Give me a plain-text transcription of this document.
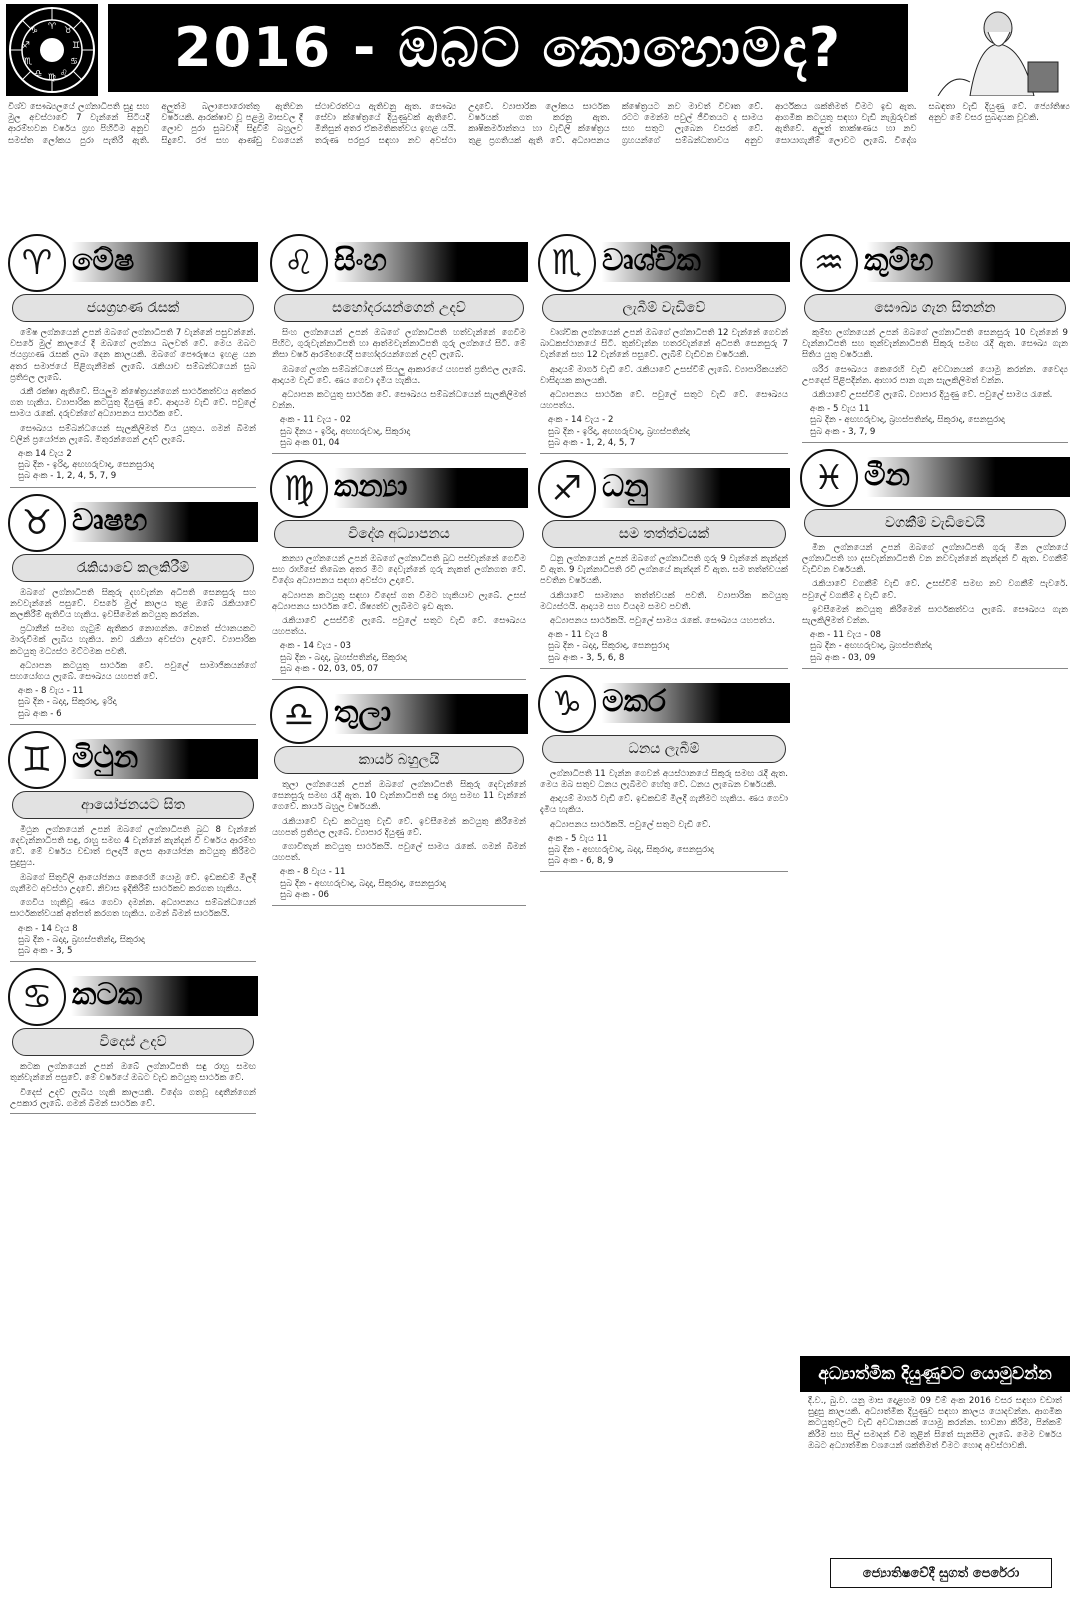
♈ ♉
♊
♋
♌
♍
♎
♏
♐
♑	2016 - ඔබට කොහොමද?
විශ්ව සෞඛ්‍යලයේ ලග්නාධිපති සුදු සහ මුල අවස්ථාවේ 7 වැන්නේ සිටියදී ආරම්භවන වර්ෂය ග්‍රහ පිහිටීම අනුව සමස්ත ලෝකය පුරා පැතිරී ඇති. අලුත්ම බලාපොරොත්තු ඇතිවන වර්ෂයකි. ආරක්ෂාව වූ පළමු මාසවල දී ලොව පුරා සුබවාදී සිදුවීම් බහුලව සිදුවේ. රජ සහ ආණ්ඩු වශයෙන් ස්ථාවරත්වය ඇතිවනු ඇත. සෞඛ්‍ය සේවා ක්ෂේත්‍රයේ දියුණුවක් ඇතිවේ. මිනිසුන් අතර ඒකමතිකත්වය ඉහළ යයි. තරුණ පරපුර සඳහා නව අවස්ථා උදාවේ. ව්‍යාපාරික ලෝකය සාර්ථක වර්ෂයක් ගත කරනු ඇත. කෘෂිකර්මාන්තය හා වැවිලි ක්ෂේත්‍රය තුළ ප්‍රගතියක් ඇති වේ. අධ්‍යාපනය ක්ෂේත්‍රයට නව මාවත් විවෘත වේ. රටට මෙන්ම පවුල් ජීවිතයට ද සාමය සහ සතුට ලැබෙන වසරක් වේ. ග්‍රහයන්ගේ සම්බන්ධතාවය අනුව ආර්ථිකය ශක්තිමත් වීමට ඉඩ ඇත. ආගමික කටයුතු සඳහා වැඩි නැඹුරුවක් ඇතිවේ. අලුත් තාක්ෂණය හා නව සොයාගැනීම් ලොවට ලැබේ. විදේශ සබඳතා වැඩි දියුණු වේ. ජ්‍යෝතිෂ්‍ය අනුව මේ වසර සුබදායක වූවකි.
♈ මේෂ
ජයග්‍රහණ රැසක්

මේෂ ලග්නයෙන් උපන් ඔබගේ ලග්නාධිපති 7 වැන්නේ පසුවන්නේ. වසරේ මුල් කාලයේ දී ඔබගේ ලග්නය බලවත් වේ. මෙය ඔබට ජයග්‍රහණ රැසක් ලබා දෙන කාලයකි. ඔබගේ පෞරුෂය ඉහළ යන අතර සමාජයේ පිළිගැනීමක් ලැබේ. රැකියාව සම්බන්ධයෙන් සුබ ප්‍රතිඵල ලැබේ.

රැකී රක්ෂා ඇතිවේ. සියලුම ක්ෂේත්‍රයන්ගෙන් සාර්ථකත්වය අත්කර ගත හැකිය. ව්‍යාපාරික කටයුතු දියුණු වේ. ආදායම වැඩි වේ. පවුලේ සාමය රැකේ. දරුවන්ගේ අධ්‍යාපනය සාර්ථක වේ.

සෞඛ්‍යය සම්බන්ධයෙන් සැලකිලිමත් විය යුතුය. ගමන් බිමන් වලින් ප්‍රයෝජන ලැබේ. මිතුරන්ගෙන් උදව් ලැබේ.

අංක 14 වැය 2
සුබ දින - ඉරිදා, අඟහරුවාදා, සෙනසුරාදා
සුබ අංක - 1, 2, 4, 5, 7, 9
♉ වෘෂභ
රැකියාවේ කලකිරීම්

ඔබගේ ලග්නාධිපති සිකුරු දහවැන්න අධිපති සෙනසුරු සහ නවවැන්නේ පසුවේ. වසරේ මුල් කාලය තුළ ඔබේ රැකියාවේ කලකිරීම් ඇතිවිය හැකිය. ඉවසීමෙන් කටයුතු කරන්න.

ප්‍රධානීන් සමඟ ගැටුම් ඇතිකර නොගන්න. වෙනත් ස්ථානයකට මාරුවීමක් ලැබිය හැකිය. නව රැකියා අවස්ථා උදාවේ. ව්‍යාපාරික කටයුතු මධ්‍යස්ථ මට්ටමක පවතී.

අධ්‍යාපන කටයුතු සාර්ථක වේ. පවුලේ සාමාජිකයන්ගේ සහයෝගය ලැබේ. සෞඛ්‍යය යහපත් වේ.

අංක - 8 වැය - 11
සුබ දින - බදාදා, සිකුරාදා, ඉරිදා
සුබ අංක - 6
♊ මිථුන
ආයෝජනයට සිත

මිථුන ලග්නයෙන් උපන් ඔබගේ ලග්නාධිපති බුධ 8 වැන්නේ දෙවැන්නාධිපති සඳු, රාහු සමඟ 4 වැන්නේ කැන්දන් වී වර්ෂය ආරම්භ වේ. මේ වර්ෂය වඩාත් ඵලදායී ලෙස ආයෝජන කටයුතු කිරීමට සුදුසුය.

ඔබගේ සිතුවිලි ආයෝජනය කෙරෙහි යොමු වේ. ඉඩකඩම් මිලදී ගැනීමට අවස්ථා උදාවේ. නිවාස ඉදිකිරීම් සාර්ථකව කරගත හැකිය.

ගෙවිය හැකිවූ ණය ගෙවා දමන්න. අධ්‍යාපනය සම්බන්ධයෙන් සාර්ථකත්වයක් අත්පත් කරගත හැකිය. ගමන් බිමන් සාර්ථකයි.

අංක - 14 වැය 8
සුබ දින - බදාදා, බ්‍රහස්පතින්දා, සිකුරාදා
සුබ අංක - 3, 5
♋ කටක
විදෙස් උදව්

කටක ලග්නයෙන් උපන් ඔබේ ලග්නාධිපති සඳු රාහු සමඟ තුන්වැන්නේ පසුවේ. මේ වර්ෂයේ ඔබට වැඩ කටයුතු සාර්ථක වේ.

විදෙස් උදව් ලැබිය හැකි කාලයකි. විදේශ ගතවූ ඥාතීන්ගෙන් උපකාර ලැබේ. ගමන් බිමන් සාර්ථක වේ.

♌ සිංහ
සහෝදරයන්ගෙන් උදව්

සිංහ ලග්නයෙන් උපන් ඔබගේ ලග්නාධිපති හත්වැන්නේ ගෙවීම පිහිට, ගුරුවැන්නාධිපති හා ආත්මවැන්නාධිපති ගුරු ලග්නයේ සිටී. මේ නිසා වර්ෂ ආරම්භයේදී සහෝදරයන්ගෙන් උදව් ලැබේ.

ඔබගේ ලග්න සම්බන්ධයෙන් සියලු ආකාරයේ යහපත් ප්‍රතිඵල ලැබේ. ආදායම වැඩි වේ. ණය ගෙවා දැමිය හැකිය.

අධ්‍යාපන කටයුතු සාර්ථක වේ. සෞඛ්‍යය සම්බන්ධයෙන් සැලකිලිමත් වන්න.

අංක - 11 වැය - 02
සුබ දිනය - ඉරිදා, අඟහරුවාදා, සිකුරාදා
සුබ අංක 01, 04
♍ කන්‍යා
විදේශ අධ්‍යාපනය

කන්‍යා ලග්නයෙන් උපන් ඔබගේ ලග්නාධිපති බුධ පස්වැන්නේ ගෙවීම සහ රාහිසේ තිබෙන අතර මීට දෙවැන්නේ ගුරු නැකත් ලග්නගත වේ. විදේශ අධ්‍යාපනය සඳහා අවස්ථා උදාවේ.

අධ්‍යාපන කටයුතු සඳහා විදෙස් ගත වීමට හැකියාව ලැබේ. උසස් අධ්‍යාපනය සාර්ථක වේ. ශිෂ්‍යත්ව ලැබීමට ඉඩ ඇත.

රැකියාවේ උසස්වීම් ලැබේ. පවුලේ සතුට වැඩි වේ. සෞඛ්‍යය යහපත්ය.

අංක - 14 වැය - 03
සුබ දින - බදාදා, බ්‍රහස්පතින්දා, සිකුරාදා
සුබ අංක - 02, 03, 05, 07
♎ තුලා
කාර්ය බහුලයි

තුලා ලග්නයෙන් උපන් ඔබගේ ලග්නාධිපති සිකුරු දෙවැන්නේ සෙනසුරු සමඟ රැදී ඇත. 10 වැන්නාධිපති සඳු රාහු සමඟ 11 වැන්නේ ගෙවේ. කාර්ය බහුල වර්ෂයකි.

රැකියාවේ වැඩ කටයුතු වැඩි වේ. ඉවසීමෙන් කටයුතු කිරීමෙන් යහපත් ප්‍රතිඵල ලැබේ. ව්‍යාපාර දියුණු වේ.

ගොවිතැන් කටයුතු සාර්ථකයි. පවුලේ සාමය රැකේ. ගමන් බිමන් යහපත්.

අංක - 8 වැය - 11
සුබ දින - අඟහරුවාදා, බදාදා, සිකුරාදා, සෙනසුරාදා
සුබ අංක - 06
♏ වෘශ්චික
ලැබීම් වැඩිවේ

වෘශ්චික ලග්නයෙන් උපන් ඔබගේ ලග්නාධිපති 12 වැන්නේ ගෙවන් බාධකස්ථානයේ සිටී. තුන්වැන්න හතරවැන්නේ අධිපති සෙනසුරු 7 වැන්නේ සහ 12 වැන්නේ පසුවේ. ලැබීම් වැඩිවන වර්ෂයකි.

ආදායම් මාර්ග වැඩි වේ. රැකියාවේ උසස්වීම් ලැබේ. ව්‍යාපාරිකයන්ට වාසිදායක කාලයකි.

අධ්‍යාපනය සාර්ථක වේ. පවුලේ සතුට වැඩි වේ. සෞඛ්‍යය යහපත්ය.

අංක - 14 වැය - 2
සුබ දින - ඉරිදා, අඟහරුවාදා, බ්‍රහස්පතින්දා
සුබ අංක - 1, 2, 4, 5, 7
♐ ධනු
සම තත්ත්වයක්

ධනු ලග්නයෙන් උපන් ඔබගේ ලග්නාධිපති ගුරු 9 වැන්නේ කැන්දන් වී ඇත. 9 වැන්නාධිපති රවි ලග්නයේ කැන්දන් වී ඇත. සම තත්ත්වයක් පවතින වර්ෂයකි.

රැකියාවේ සාමාන්‍ය තත්ත්වයක් පවතී. ව්‍යාපාරික කටයුතු මධ්‍යස්ථයි. ආදායම සහ වියදම සමව පවතී.

අධ්‍යාපනය සාර්ථකයි. පවුලේ සාමය රැකේ. සෞඛ්‍යය යහපත්ය.

අංක - 11 වැය 8
සුබ දින - බදාදා, සිකුරාදා, සෙනසුරාදා
සුබ අංක - 3, 5, 6, 8
♑ මකර
ධනය ලැබීම්

ලග්නාධිපති 11 වැන්න ගෙවන් අයස්ථානයේ සිකුරු සමඟ රැදී ඇත. මෙය ඔබ සතුව ධනය ලැබීමට හේතු වේ. ධනය ලැබෙන වර්ෂයකි.

ආදායම් මාර්ග වැඩි වේ. ඉඩකඩම් මිලදී ගැනීමට හැකිය. ණය ගෙවා දැමිය හැකිය.

අධ්‍යාපනය සාර්ථකයි. පවුලේ සතුට වැඩි වේ.

අංක - 5 වැය 11
සුබ දින - අඟහරුවාදා, බදාදා, සිකුරාදා, සෙනසුරාදා
සුබ අංක - 6, 8, 9
♒ කුම්භ
සෞඛ්‍ය ගැන සිතන්න

කුම්භ ලග්නයෙන් උපන් ඔබගේ ලග්නාධිපති සෙනසුරු 10 වැන්නේ 9 වැන්නාධිපති සහ තුන්වැන්නාධිපති සිකුරු සමඟ රැදී ඇත. සෞඛ්‍ය ගැන සිතිය යුතු වර්ෂයකි.

ශරීර සෞඛ්‍යය කෙරෙහි වැඩි අවධානයක් යොමු කරන්න. වෛද්‍ය උපදෙස් පිළිපදින්න. ආහාර පාන ගැන සැලකිලිමත් වන්න.

රැකියාවේ උසස්වීම් ලැබේ. ව්‍යාපාර දියුණු වේ. පවුලේ සාමය රැකේ.

අංක - 5 වැය 11
සුබ දින - අඟහරුවාදා, බ්‍රහස්පතින්දා, සිකුරාදා, සෙනසුරාදා
සුබ අංක - 3, 7, 9
♓ මීන
වගකීම් වැඩිවෙයි

මීන ලග්නයෙන් උපන් ඔබගේ ලග්නාධිපති ගුරු මීන ලග්නයේ ලග්නාධිපති හා දසවැන්නාධිපති වන නවවැන්නේ කැන්දන් වී ඇත. වගකීම් වැඩිවන වර්ෂයකි.

රැකියාවේ වගකීම් වැඩි වේ. උසස්වීම් සමඟ නව වගකීම් පැවරේ. පවුලේ වගකීම් ද වැඩි වේ.

ඉවසීමෙන් කටයුතු කිරීමෙන් සාර්ථකත්වය ලැබේ. සෞඛ්‍යය ගැන සැලකිලිමත් වන්න.

අංක - 11 වැය - 08
සුබ දින - අඟහරුවාදා, බ්‍රහස්පතින්දා
සුබ අංක - 03, 09
අධ්‍යාත්මික දියුණුවට යොමුවන්න
දී.ව., බු.ව. යනු මාස දොළහම 09 වීම් අංක 2016 වසර සඳහා වඩාත් සුදුසු කාලයකි. අධ්‍යාත්මික දියුණුව සඳහා කාලය යොදවන්න. ආගමික කටයුතුවලට වැඩි අවධානයක් යොමු කරන්න. භාවනා කිරීම, පින්කම් කිරීම සහ සිල් සමාදන් වීම තුළින් සිතේ සැනසීම ලැබේ. මෙම වර්ෂය ඔබට අධ්‍යාත්මික වශයෙන් ශක්තිමත් වීමට හොඳ අවස්ථාවකි.
ජ්‍යොතිෂවේදී සුගත් පෙරේරා
